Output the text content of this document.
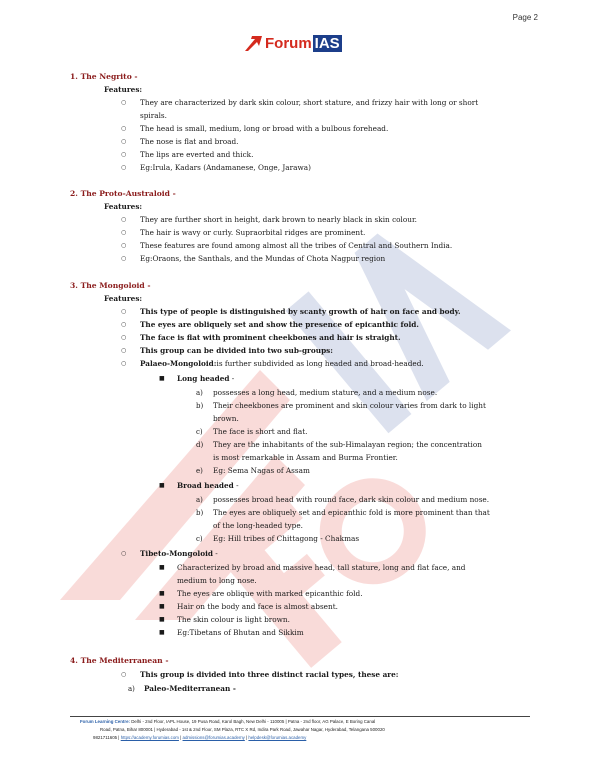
Page 2
Forum IAS
1. The Negrito -
Features:
○ They are characterized by dark skin colour, short stature, and frizzy hair with long or short
spirals.
○ The head is small, medium, long or broad with a bulbous forehead.
○ The nose is flat and broad.
○ The lips are everted and thick.
○ Eg:Irula, Kadars (Andamanese, Onge, Jarawa)
2. The Proto-Australoid -
Features:
○ They are further short in height, dark brown to nearly black in skin colour.
○ The hair is wavy or curly. Supraorbital ridges are prominent.
○ These features are found among almost all the tribes of Central and Southern India.
○ Eg:Oraons, the Santhals, and the Mundas of Chota Nagpur region
3. The Mongoloid -
Features:
○ This type of people is distinguished by scanty growth of hair on face and body.
○ The eyes are obliquely set and show the presence of epicanthic fold.
○ The face is flat with prominent cheekbones and hair is straight.
○ This group can be divided into two sub-groups:
○ Palaeo-Mongoloid:is further subdivided as long headed and broad-headed.
■ Long headed -
a) possesses a long head, medium stature, and a medium nose.
b) Their cheekbones are prominent and skin colour varies from dark to light
brown.
c) The face is short and flat.
d) They are the inhabitants of the sub-Himalayan region; the concentration
is most remarkable in Assam and Burma Frontier.
e) Eg: Sema Nagas of Assam
■ Broad headed -
a) possesses broad head with round face, dark skin colour and medium nose.
b) The eyes are obliquely set and epicanthic fold is more prominent than that
of the long-headed type.
c) Eg: Hill tribes of Chittagong - Chakmas
○ Tibeto-Mongoloid -
■ Characterized by broad and massive head, tall stature, long and flat face, and
medium to long nose.
■ The eyes are oblique with marked epicanthic fold.
■ Hair on the body and face is almost absent.
■ The skin colour is light brown.
■ Eg:Tibetans of Bhutan and Sikkim
4. The Mediterranean -
○ This group is divided into three distinct racial types, these are:
a) Paleo-Mediterranean -
Forum Learning Centre: Delhi - 2nd Floor, IAPL House, 19 Pusa Road, Karol Bagh, New Delhi - 110005 | Patna - 2nd floor, AG Palace, E Boring Canal
Road, Patna, Bihar 800001 | Hyderabad - 1st & 2nd Floor, SM Plaza, RTC X Rd, Indira Park Road, Jawahar Nagar, Hyderabad, Telangana 500020
9821711605 | https://academy.forumias.com | admissions@forumias.academy | helpdesk@forumias.academy
